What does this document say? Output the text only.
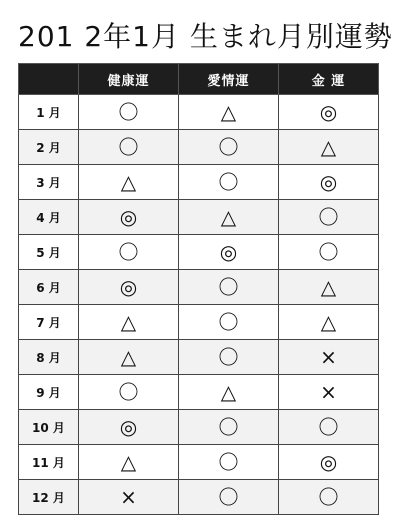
201 2年1月 生まれ月別運勢
	健康運	愛情運	金 運
1 月	〇	△	◎
2 月	〇	〇	△
3 月	△	〇	◎
4 月	◎	△	〇
5 月	〇	◎	〇
6 月	◎	〇	△
7 月	△	〇	△
8 月	△	〇	×
9 月	〇	△	×
10 月	◎	〇	〇
11 月	△	〇	◎
12 月	×	〇	〇
